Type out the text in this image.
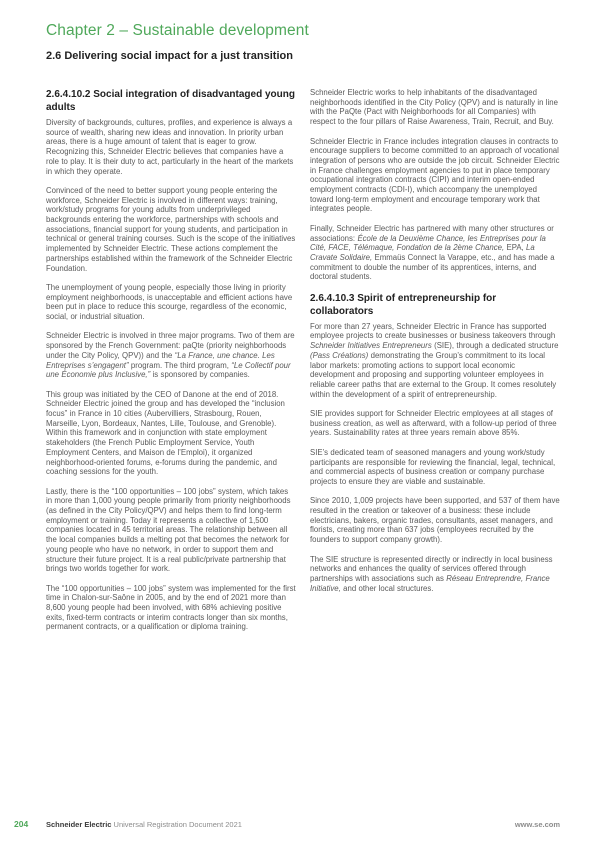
Chapter 2 – Sustainable development
2.6 Delivering social impact for a just transition
2.6.4.10.2 Social integration of disadvantaged young adults

Diversity of backgrounds, cultures, profiles, and experience is always a source of wealth, sharing new ideas and innovation. In priority urban areas, there is a huge amount of talent that is eager to grow. Recognizing this, Schneider Electric believes that companies have a role to play. It is their duty to act, particularly in the heart of the markets in which they operate.

Convinced of the need to better support young people entering the workforce, Schneider Electric is involved in different ways: training, work/study programs for young adults from underprivileged backgrounds entering the workforce, partnerships with schools and associations, financial support for young students, and participation in technical or general training courses. Such is the scope of the initiatives implemented by Schneider Electric. These actions complement the partnerships established within the framework of the Schneider Electric Foundation.

The unemployment of young people, especially those living in priority employment neighborhoods, is unacceptable and efficient actions have been put in place to reduce this scourge, regardless of the economic, social, or industrial situation.

Schneider Electric is involved in three major programs. Two of them are sponsored by the French Government: paQte (priority neighborhoods under the City Policy, QPV)) and the “La France, une chance. Les Entreprises s’engagent” program. The third program, “Le Collectif pour une Économie plus Inclusive,” is sponsored by companies.

This group was initiated by the CEO of Danone at the end of 2018. Schneider Electric joined the group and has developed the “inclusion focus” in France in 10 cities (Aubervilliers, Strasbourg, Rouen, Marseille, Lyon, Bordeaux, Nantes, Lille, Toulouse, and Grenoble). Within this framework and in conjunction with state employment stakeholders (the French Public Employment Service, Youth Employment Centers, and Maison de l’Emploi), it organized neighborhood-oriented forums, e-forums during the pandemic, and coaching sessions for the youth.

Lastly, there is the “100 opportunities – 100 jobs” system, which takes in more than 1,000 young people primarily from priority neighborhoods (as defined in the City Policy/QPV) and helps them to find long-term employment or training. Today it represents a collective of 1,500 companies located in 45 territorial areas. The relationship between all the local companies builds a melting pot that becomes the network for young people who have no network, in order to support them and structure their future project. It is a real public/private partnership that brings two worlds together for work.

The “100 opportunities – 100 jobs” system was implemented for the first time in Chalon-sur-Saône in 2005, and by the end of 2021 more than 8,600 young people had been involved, with 68% achieving positive exits, fixed-term contracts or interim contracts longer than six months, permanent contracts, or a qualification or diploma training.

Schneider Electric works to help inhabitants of the disadvantaged neighborhoods identified in the City Policy (QPV) and is naturally in line with the PaQte (Pact with Neighborhoods for all Companies) with respect to the four pillars of Raise Awareness, Train, Recruit, and Buy.

Schneider Electric in France includes integration clauses in contracts to encourage suppliers to become committed to an approach of vocational integration of persons who are outside the job circuit. Schneider Electric in France challenges employment agencies to put in place temporary occupational integration contracts (CIPI) and interim open-ended employment contracts (CDI-I), which accompany the unemployed toward long-term employment and encourage temporary work that integrates people.

Finally, Schneider Electric has partnered with many other structures or associations: École de la Deuxième Chance, les Entreprises pour la Cité, FACE, Télémaque, Fondation de la 2ème Chance, EPA, La Cravate Solidaire, Emmaüs Connect la Varappe, etc., and has made a commitment to double the number of its apprentices, interns, and doctoral students.

2.6.4.10.3 Spirit of entrepreneurship for collaborators

For more than 27 years, Schneider Electric in France has supported employee projects to create businesses or business takeovers through Schneider Initiatives Entrepreneurs (SIE), through a dedicated structure (Pass Créations) demonstrating the Group’s commitment to its local labor markets: promoting actions to support local economic development and proposing and supporting volunteer employees in reliable career paths that are external to the Group. It comes resolutely within the development of a spirit of entrepreneurship.

SIE provides support for Schneider Electric employees at all stages of business creation, as well as afterward, with a follow-up period of three years. Sustainability rates at three years remain above 85%.

SIE’s dedicated team of seasoned managers and young work/study participants are responsible for reviewing the financial, legal, technical, and commercial aspects of business creation or company purchase projects to ensure they are viable and sustainable.

Since 2010, 1,009 projects have been supported, and 537 of them have resulted in the creation or takeover of a business: these include electricians, bakers, organic trades, consultants, asset managers, and florists, creating more than 637 jobs (employees recruited by the founders to support company growth).

The SIE structure is represented directly or indirectly in local business networks and enhances the quality of services offered through partnerships with associations such as Réseau Entreprendre, France Initiative, and other local structures.

204 Schneider Electric Universal Registration Document 2021	www.se.com
